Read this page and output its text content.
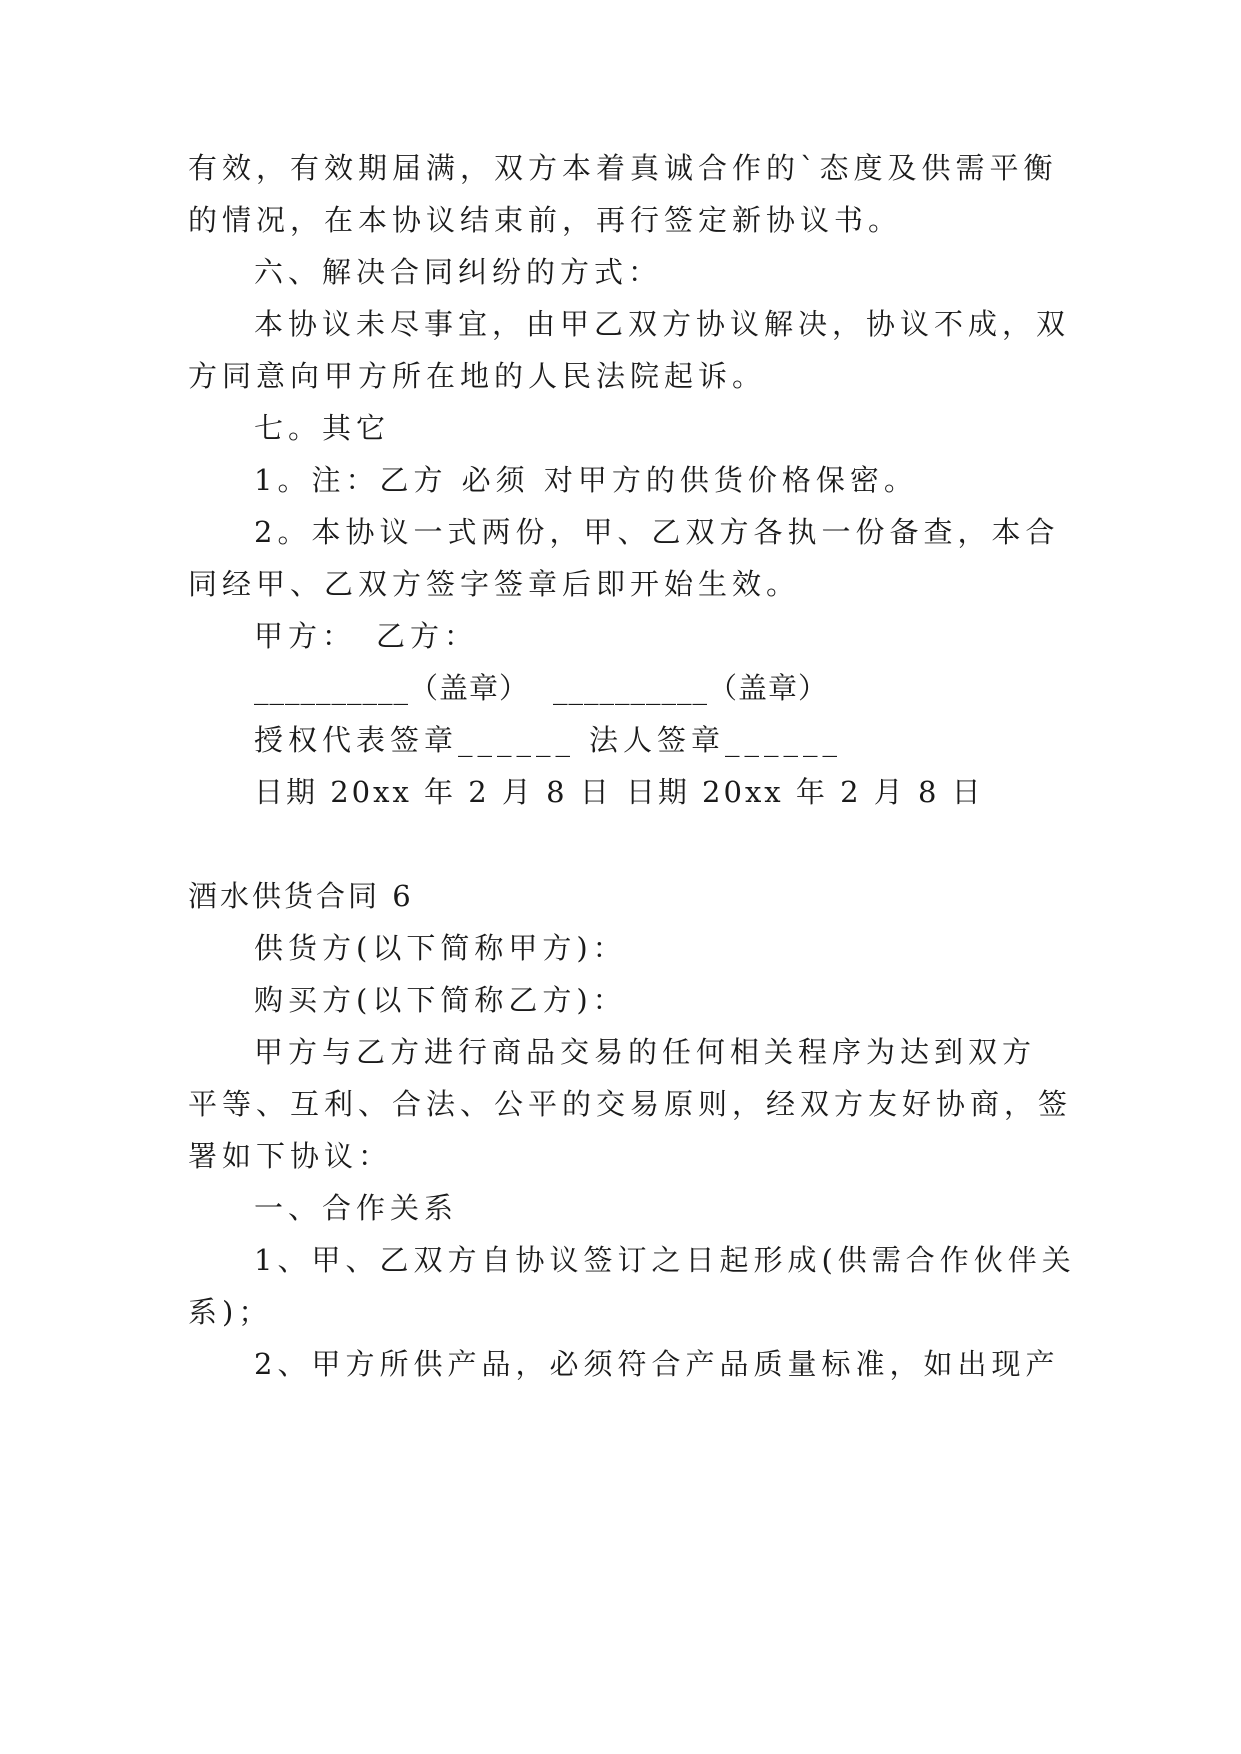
有效，有效期届满，双方本着真诚合作的`态度及供需平衡
的情况，在本协议结束前，再行签定新协议书。
六、解决合同纠纷的方式：
本协议未尽事宜，由甲乙双方协议解决，协议不成，双
方同意向甲方所在地的人民法院起诉。
七。其它
1。注：乙方 必须 对甲方的供货价格保密。
2。本协议一式两份，甲、乙双方各执一份备查，本合
同经甲、乙双方签字签章后即开始生效。
甲方： 乙方：
__________（盖章） __________（盖章）
授权代表签章______ 法人签章______
日期 20xx 年 2 月 8 日 日期 20xx 年 2 月 8 日
酒水供货合同 6
供货方(以下简称甲方)：
购买方(以下简称乙方)：
甲方与乙方进行商品交易的任何相关程序为达到双方
平等、互利、合法、公平的交易原则，经双方友好协商，签
署如下协议：
一、合作关系
1、甲、乙双方自协议签订之日起形成(供需合作伙伴关
系)；
2、甲方所供产品，必须符合产品质量标准，如出现产
